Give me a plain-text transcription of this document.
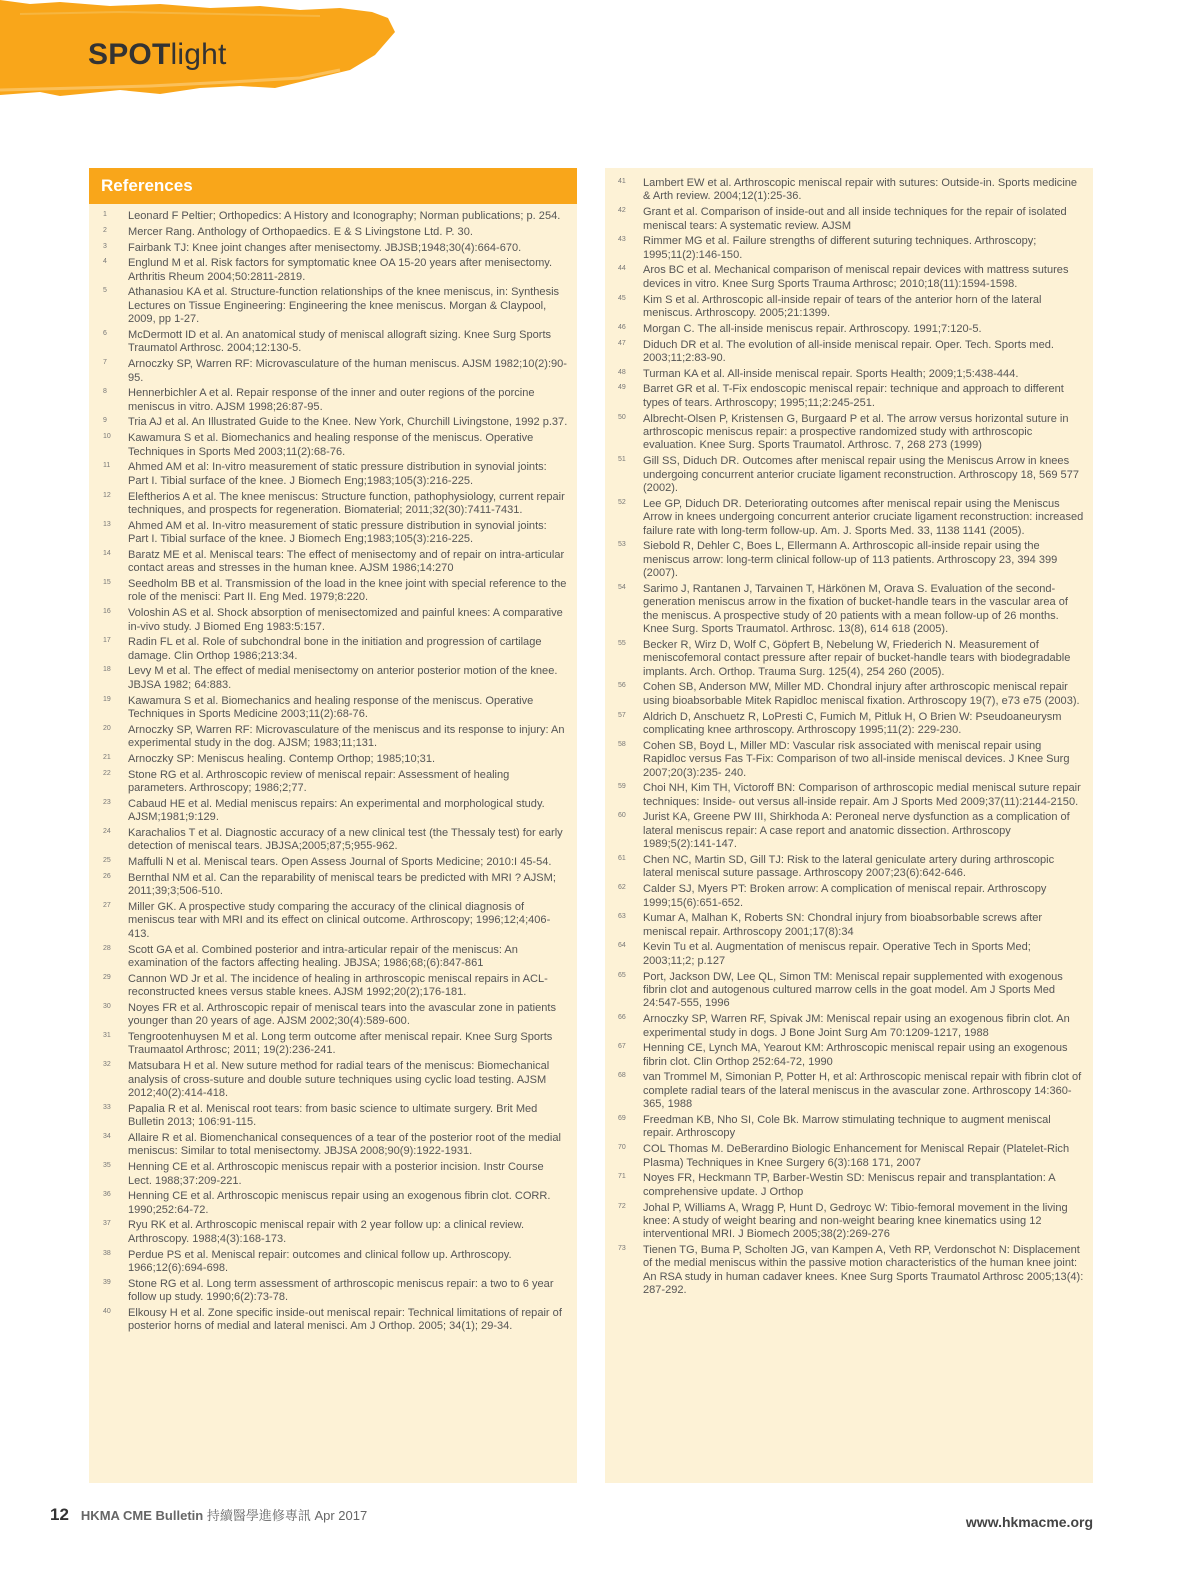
SPOTlight
References
1 Leonard F Peltier; Orthopedics: A History and Iconography; Norman publications; p. 254.
2 Mercer Rang. Anthology of Orthopaedics. E & S Livingstone Ltd. P. 30.
3 Fairbank TJ: Knee joint changes after menisectomy. JBJSB;1948;30(4):664-670.
4 Englund M et al. Risk factors for symptomatic knee OA 15-20 years after menisectomy. Arthritis Rheum 2004;50:2811-2819.
5 Athanasiou KA et al. Structure-function relationships of the knee meniscus, in: Synthesis Lectures on Tissue Engineering: Engineering the knee meniscus. Morgan & Claypool, 2009, pp 1-27.
6 McDermott ID et al. An anatomical study of meniscal allograft sizing. Knee Surg Sports Traumatol Arthrosc. 2004;12:130-5.
7 Arnoczky SP, Warren RF: Microvasculature of the human meniscus. AJSM 1982;10(2):90-95.
8 Hennerbichler A et al. Repair response of the inner and outer regions of the porcine meniscus in vitro. AJSM 1998;26:87-95.
9 Tria AJ et al. An Illustrated Guide to the Knee. New York, Churchill Livingstone, 1992 p.37.
10 Kawamura S et al. Biomechanics and healing response of the meniscus. Operative Techniques in Sports Med 2003;11(2):68-76.
11 Ahmed AM et al: In-vitro measurement of static pressure distribution in synovial joints: Part I. Tibial surface of the knee. J Biomech Eng;1983;105(3):216-225.
12 Eleftherios A et al. The knee meniscus: Structure function, pathophysiology, current repair techniques, and prospects for regeneration. Biomaterial; 2011;32(30):7411-7431.
13 Ahmed AM et al. In-vitro measurement of static pressure distribution in synovial joints: Part I. Tibial surface of the knee. J Biomech Eng;1983;105(3):216-225.
14 Baratz ME et al. Meniscal tears: The effect of menisectomy and of repair on intra-articular contact areas and stresses in the human knee. AJSM 1986;14:270
15 Seedholm BB et al. Transmission of the load in the knee joint with special reference to the role of the menisci: Part II. Eng Med. 1979;8:220.
16 Voloshin AS et al. Shock absorption of menisectomized and painful knees: A comparative in-vivo study. J Biomed Eng 1983:5:157.
17 Radin FL et al. Role of subchondral bone in the initiation and progression of cartilage damage. Clin Orthop 1986;213:34.
18 Levy M et al. The effect of medial menisectomy on anterior posterior motion of the knee. JBJSA 1982; 64:883.
19 Kawamura S et al. Biomechanics and healing response of the meniscus. Operative Techniques in Sports Medicine 2003;11(2):68-76.
20 Arnoczky SP, Warren RF: Microvasculature of the meniscus and its response to injury: An experimental study in the dog. AJSM; 1983;11;131.
21 Arnoczky SP: Meniscus healing. Contemp Orthop; 1985;10;31.
22 Stone RG et al. Arthroscopic review of meniscal repair: Assessment of healing parameters. Arthroscopy; 1986;2;77.
23 Cabaud HE et al. Medial meniscus repairs: An experimental and morphological study. AJSM;1981;9:129.
24 Karachalios T et al. Diagnostic accuracy of a new clinical test (the Thessaly test) for early detection of meniscal tears. JBJSA;2005;87;5;955-962.
25 Maffulli N et al. Meniscal tears. Open Assess Journal of Sports Medicine; 2010:I 45-54.
26 Bernthal NM et al. Can the reparability of meniscal tears be predicted with MRI ? AJSM; 2011;39;3;506-510.
27 Miller GK. A prospective study comparing the accuracy of the clinical diagnosis of meniscus tear with MRI and its effect on clinical outcome. Arthroscopy; 1996;12;4;406-413.
28 Scott GA et al. Combined posterior and intra-articular repair of the meniscus: An examination of the factors affecting healing. JBJSA; 1986;68;(6):847-861
29 Cannon WD Jr et al. The incidence of healing in arthroscopic meniscal repairs in ACL-reconstructed knees versus stable knees. AJSM 1992;20(2);176-181.
30 Noyes FR et al. Arthroscopic repair of meniscal tears into the avascular zone in patients younger than 20 years of age. AJSM 2002;30(4):589-600.
31 Tengrootenhuysen M et al. Long term outcome after meniscal repair. Knee Surg Sports Traumaatol Arthrosc; 2011; 19(2):236-241.
32 Matsubara H et al. New suture method for radial tears of the meniscus: Biomechanical analysis of cross-suture and double suture techniques using cyclic load testing. AJSM 2012;40(2):414-418.
33 Papalia R et al. Meniscal root tears: from basic science to ultimate surgery. Brit Med Bulletin 2013; 106:91-115.
34 Allaire R et al. Biomenchanical consequences of a tear of the posterior root of the medial meniscus: Similar to total menisectomy. JBJSA 2008;90(9):1922-1931.
35 Henning CE et al. Arthroscopic meniscus repair with a posterior incision. Instr Course Lect. 1988;37:209-221.
36 Henning CE et al. Arthroscopic meniscus repair using an exogenous fibrin clot. CORR. 1990;252:64-72.
37 Ryu RK et al. Arthroscopic meniscal repair with 2 year follow up: a clinical review. Arthroscopy. 1988;4(3):168-173.
38 Perdue PS et al. Meniscal repair: outcomes and clinical follow up. Arthroscopy. 1966;12(6):694-698.
39 Stone RG et al. Long term assessment of arthroscopic meniscus repair: a two to 6 year follow up study. 1990;6(2):73-78.
40 Elkousy H et al. Zone specific inside-out meniscal repair: Technical limitations of repair of posterior horns of medial and lateral menisci. Am J Orthop. 2005; 34(1); 29-34.
41 Lambert EW et al. Arthroscopic meniscal repair with sutures: Outside-in. Sports medicine & Arth review. 2004;12(1):25-36.
42 Grant et al. Comparison of inside-out and all inside techniques for the repair of isolated meniscal tears: A systematic review. AJSM
43 Rimmer MG et al. Failure strengths of different suturing techniques. Arthroscopy; 1995;11(2):146-150.
44 Aros BC et al. Mechanical comparison of meniscal repair devices with mattress sutures devices in vitro. Knee Surg Sports Trauma Arthrosc; 2010;18(11):1594-1598.
45 Kim S et al. Arthroscopic all-inside repair of tears of the anterior horn of the lateral meniscus. Arthroscopy. 2005;21:1399.
46 Morgan C. The all-inside meniscus repair. Arthroscopy. 1991;7:120-5.
47 Diduch DR et al. The evolution of all-inside meniscal repair. Oper. Tech. Sports med. 2003;11;2:83-90.
48 Turman KA et al. All-inside meniscal repair. Sports Health; 2009;1;5:438-444.
49 Barret GR et al. T-Fix endoscopic meniscal repair: technique and approach to different types of tears. Arthroscopy; 1995;11;2:245-251.
50 Albrecht-Olsen P, Kristensen G, Burgaard P et al. The arrow versus horizontal suture in arthroscopic meniscus repair: a prospective randomized study with arthroscopic evaluation. Knee Surg. Sports Traumatol. Arthrosc. 7, 268 273 (1999)
51 Gill SS, Diduch DR. Outcomes after meniscal repair using the Meniscus Arrow in knees undergoing concurrent anterior cruciate ligament reconstruction. Arthroscopy 18, 569 577 (2002).
52 Lee GP, Diduch DR. Deteriorating outcomes after meniscal repair using the Meniscus Arrow in knees undergoing concurrent anterior cruciate ligament reconstruction: increased failure rate with long-term follow-up. Am. J. Sports Med. 33, 1138 1141 (2005).
53 Siebold R, Dehler C, Boes L, Ellermann A. Arthroscopic all-inside repair using the meniscus arrow: long-term clinical follow-up of 113 patients. Arthroscopy 23, 394 399 (2007).
54 Sarimo J, Rantanen J, Tarvainen T, Härkönen M, Orava S. Evaluation of the second-generation meniscus arrow in the fixation of bucket-handle tears in the vascular area of the meniscus. A prospective study of 20 patients with a mean follow-up of 26 months. Knee Surg. Sports Traumatol. Arthrosc. 13(8), 614 618 (2005).
55 Becker R, Wirz D, Wolf C, Göpfert B, Nebelung W, Friederich N. Measurement of meniscofemoral contact pressure after repair of bucket-handle tears with biodegradable implants. Arch. Orthop. Trauma Surg. 125(4), 254 260 (2005).
56 Cohen SB, Anderson MW, Miller MD. Chondral injury after arthroscopic meniscal repair using bioabsorbable Mitek Rapidloc meniscal fixation. Arthroscopy 19(7), e73 e75 (2003).
57 Aldrich D, Anschuetz R, LoPresti C, Fumich M, Pitluk H, O Brien W: Pseudoaneurysm complicating knee arthroscopy. Arthroscopy 1995;11(2): 229-230.
58 Cohen SB, Boyd L, Miller MD: Vascular risk associated with meniscal repair using Rapidloc versus Fas T-Fix: Comparison of two all-inside meniscal devices. J Knee Surg 2007;20(3):235- 240.
59 Choi NH, Kim TH, Victoroff BN: Comparison of arthroscopic medial meniscal suture repair techniques: Inside- out versus all-inside repair. Am J Sports Med 2009;37(11):2144-2150.
60 Jurist KA, Greene PW III, Shirkhoda A: Peroneal nerve dysfunction as a complication of lateral meniscus repair: A case report and anatomic dissection. Arthroscopy 1989;5(2):141-147.
61 Chen NC, Martin SD, Gill TJ: Risk to the lateral geniculate artery during arthroscopic lateral meniscal suture passage. Arthroscopy 2007;23(6):642-646.
62 Calder SJ, Myers PT: Broken arrow: A complication of meniscal repair. Arthroscopy 1999;15(6):651-652.
63 Kumar A, Malhan K, Roberts SN: Chondral injury from bioabsorbable screws after meniscal repair. Arthroscopy 2001;17(8):34
64 Kevin Tu et al. Augmentation of meniscus repair. Operative Tech in Sports Med; 2003;11;2; p.127
65 Port, Jackson DW, Lee QL, Simon TM: Meniscal repair supplemented with exogenous fibrin clot and autogenous cultured marrow cells in the goat model. Am J Sports Med 24:547-555, 1996
66 Arnoczky SP, Warren RF, Spivak JM: Meniscal repair using an exogenous fibrin clot. An experimental study in dogs. J Bone Joint Surg Am 70:1209-1217, 1988
67 Henning CE, Lynch MA, Yearout KM: Arthroscopic meniscal repair using an exogenous fibrin clot. Clin Orthop 252:64-72, 1990
68 van Trommel M, Simonian P, Potter H, et al: Arthroscopic meniscal repair with fibrin clot of complete radial tears of the lateral meniscus in the avascular zone. Arthroscopy 14:360-365, 1988
69 Freedman KB, Nho SI, Cole Bk. Marrow stimulating technique to augment meniscal repair. Arthroscopy
70 COL Thomas M. DeBerardino Biologic Enhancement for Meniscal Repair (Platelet-Rich Plasma) Techniques in Knee Surgery 6(3):168 171, 2007
71 Noyes FR, Heckmann TP, Barber-Westin SD: Meniscus repair and transplantation: A comprehensive update. J Orthop
72 Johal P, Williams A, Wragg P, Hunt D, Gedroyc W: Tibio-femoral movement in the living knee: A study of weight bearing and non-weight bearing knee kinematics using 12 interventional MRI. J Biomech 2005;38(2):269-276
73 Tienen TG, Buma P, Scholten JG, van Kampen A, Veth RP, Verdonschot N: Displacement of the medial meniscus within the passive motion characteristics of the human knee joint: An RSA study in human cadaver knees. Knee Surg Sports Traumatol Arthrosc 2005;13(4): 287-292.
12 HKMA CME Bulletin 持續醫學進修專訊 Apr 2017	www.hkmacme.org
